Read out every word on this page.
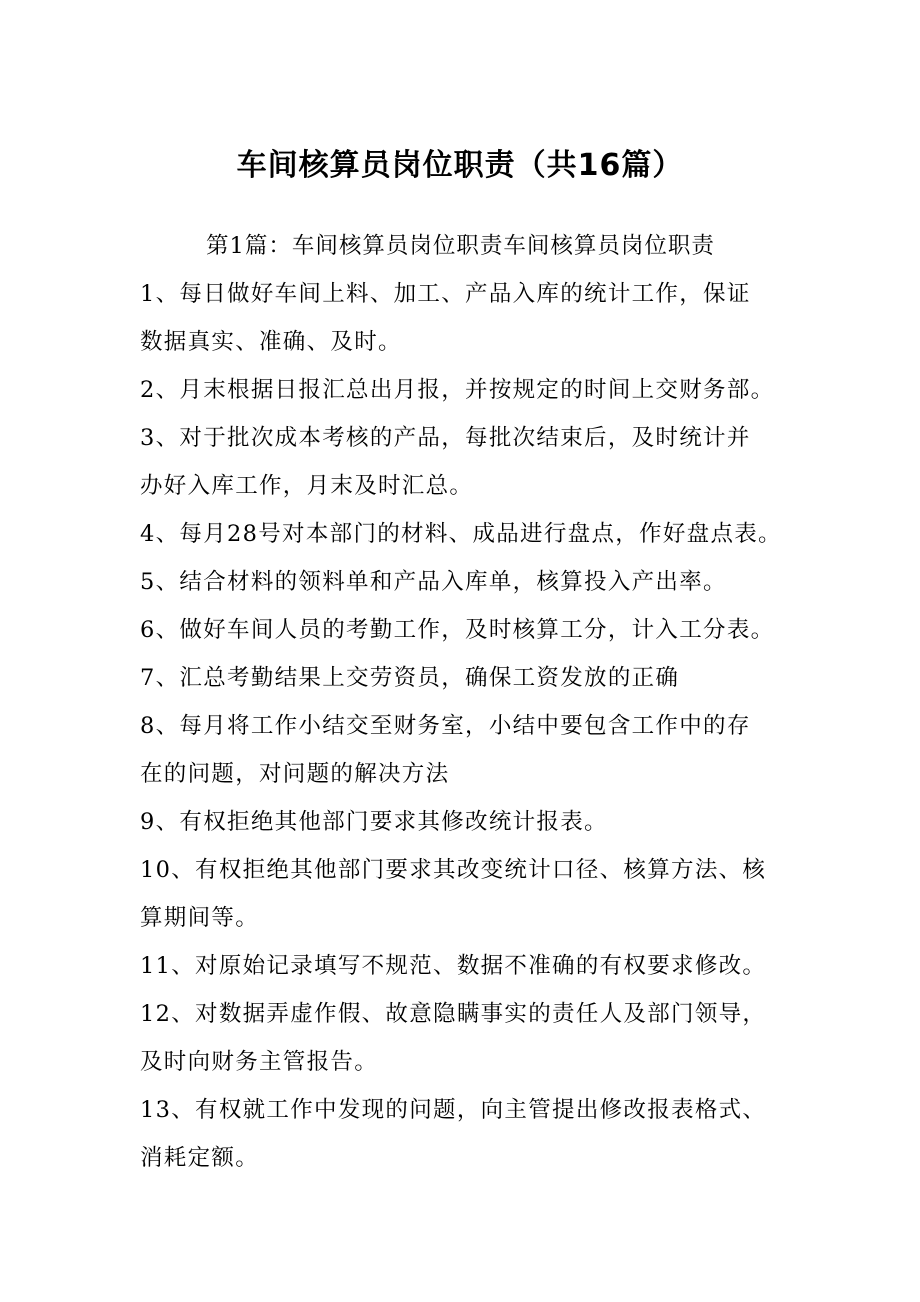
车间核算员岗位职责（共16篇）
第1篇：车间核算员岗位职责车间核算员岗位职责
1、每日做好车间上料、加工、产品入库的统计工作，保证
数据真实、准确、及时。
2、月末根据日报汇总出月报，并按规定的时间上交财务部。
3、对于批次成本考核的产品，每批次结束后，及时统计并
办好入库工作，月末及时汇总。
4、每月28号对本部门的材料、成品进行盘点，作好盘点表。
5、结合材料的领料单和产品入库单，核算投入产出率。
6、做好车间人员的考勤工作，及时核算工分，计入工分表。
7、汇总考勤结果上交劳资员，确保工资发放的正确
8、每月将工作小结交至财务室，小结中要包含工作中的存
在的问题，对问题的解决方法
9、有权拒绝其他部门要求其修改统计报表。
10、有权拒绝其他部门要求其改变统计口径、核算方法、核
算期间等。
11、对原始记录填写不规范、数据不准确的有权要求修改。
12、对数据弄虚作假、故意隐瞒事实的责任人及部门领导，
及时向财务主管报告。
13、有权就工作中发现的问题，向主管提出修改报表格式、
消耗定额。
